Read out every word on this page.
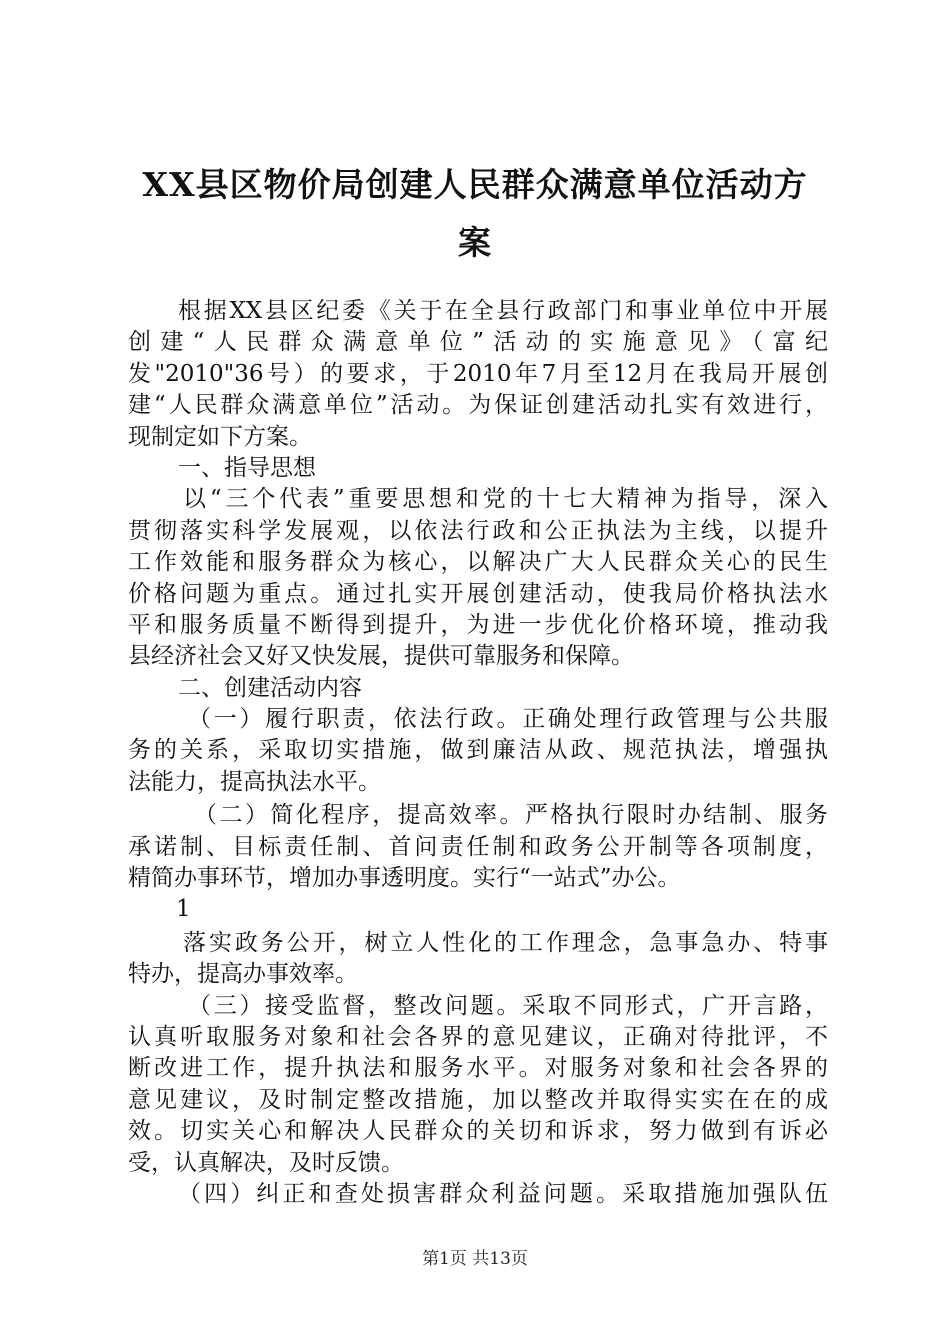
XX县区物价局创建人民群众满意单位活动方
案
根据XX县区纪委《关于在全县行政部门和事业单位中开展
创建“人民群众满意单位”活动的实施意见》（富纪
发"2010"36号）的要求，于2010年7月至12月在我局开展创
建“人民群众满意单位”活动。为保证创建活动扎实有效进行，
现制定如下方案。
一、指导思想
以“三个代表”重要思想和党的十七大精神为指导，深入
贯彻落实科学发展观，以依法行政和公正执法为主线，以提升
工作效能和服务群众为核心，以解决广大人民群众关心的民生
价格问题为重点。通过扎实开展创建活动，使我局价格执法水
平和服务质量不断得到提升，为进一步优化价格环境，推动我
县经济社会又好又快发展，提供可靠服务和保障。
二、创建活动内容
（一）履行职责，依法行政。正确处理行政管理与公共服
务的关系，采取切实措施，做到廉洁从政、规范执法，增强执
法能力，提高执法水平。
（二）简化程序，提高效率。严格执行限时办结制、服务
承诺制、目标责任制、首问责任制和政务公开制等各项制度，
精简办事环节，增加办事透明度。实行“一站式”办公。
1
落实政务公开，树立人性化的工作理念，急事急办、特事
特办，提高办事效率。
（三）接受监督，整改问题。采取不同形式，广开言路，
认真听取服务对象和社会各界的意见建议，正确对待批评，不
断改进工作，提升执法和服务水平。对服务对象和社会各界的
意见建议，及时制定整改措施，加以整改并取得实实在在的成
效。切实关心和解决人民群众的关切和诉求，努力做到有诉必
受，认真解决，及时反馈。
（四）纠正和查处损害群众利益问题。采取措施加强队伍
第1页 共13页
